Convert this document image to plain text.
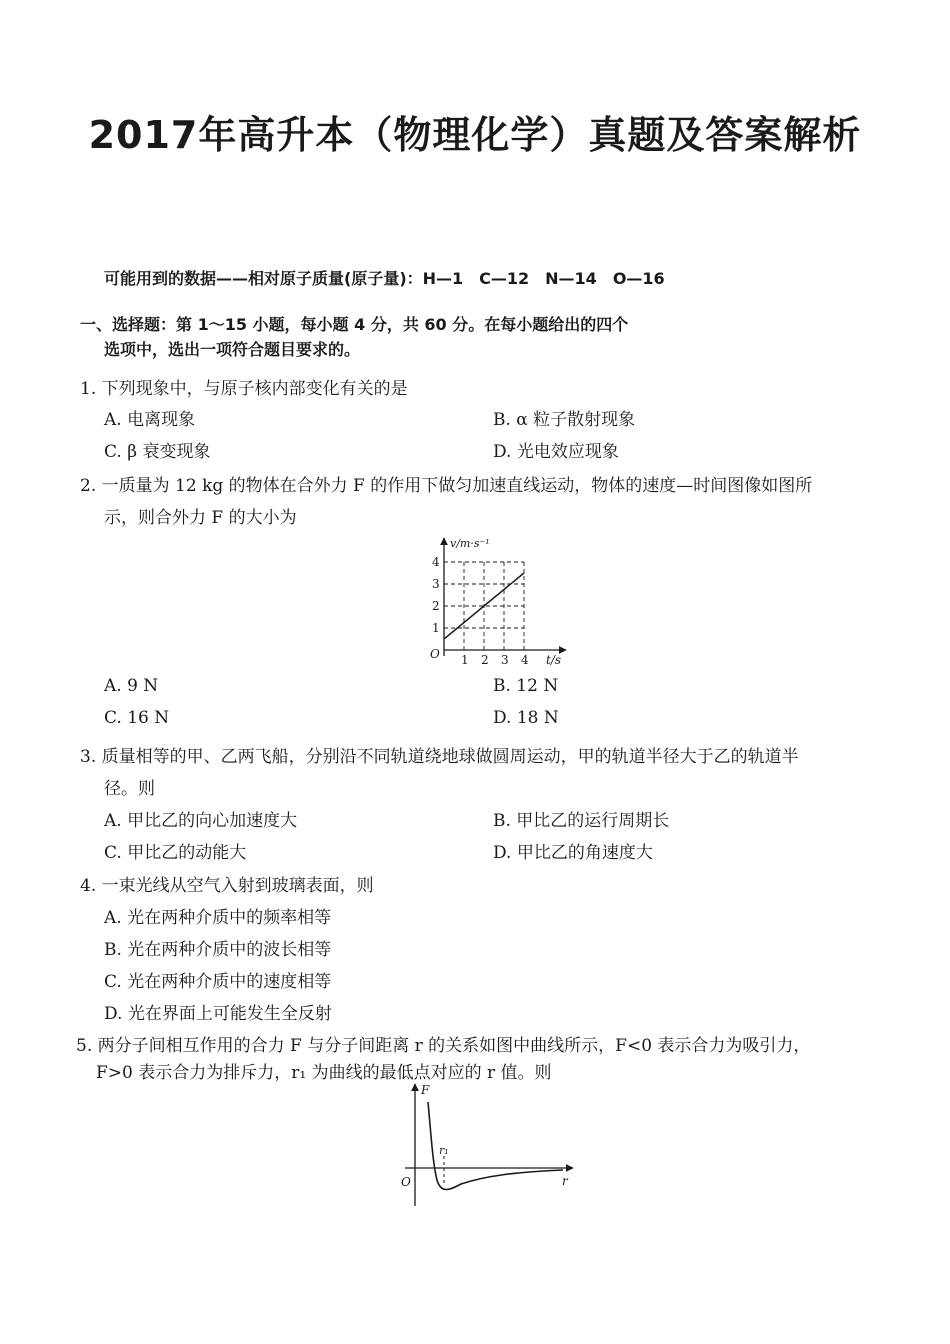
2017年高升本（物理化学）真题及答案解析
可能用到的数据——相对原子质量(原子量)：H—1　C—12　N—14　O—16
一、选择题：第 1～15 小题，每小题 4 分，共 60 分。在每小题给出的四个
选项中，选出一项符合题目要求的。
1. 下列现象中，与原子核内部变化有关的是
A. 电离现象	B. α 粒子散射现象
C. β 衰变现象	D. 光电效应现象
2. 一质量为 12 kg 的物体在合外力 F 的作用下做匀加速直线运动，物体的速度—时间图像如图所
示，则合外力 F 的大小为
1
2
3
4
1 2 3 4
v/m·s⁻¹
t/s
O
A. 9 N	B. 12 N
C. 16 N	D. 18 N
3. 质量相等的甲、乙两飞船，分别沿不同轨道绕地球做圆周运动，甲的轨道半径大于乙的轨道半
径。则
A. 甲比乙的向心加速度大	B. 甲比乙的运行周期长
C. 甲比乙的动能大	D. 甲比乙的角速度大
4. 一束光线从空气入射到玻璃表面，则
A. 光在两种介质中的频率相等
B. 光在两种介质中的波长相等
C. 光在两种介质中的速度相等
D. 光在界面上可能发生全反射
5. 两分子间相互作用的合力 F 与分子间距离 r 的关系如图中曲线所示，F<0 表示合力为吸引力，
F>0 表示合力为排斥力，r₁ 为曲线的最低点对应的 r 值。则
r₁
F
r
O
